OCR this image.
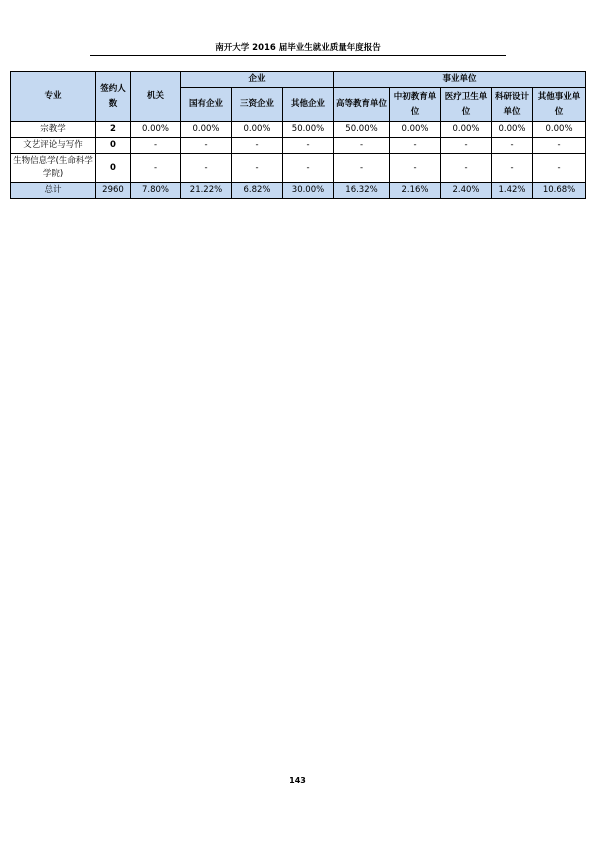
南开大学 2016 届毕业生就业质量年度报告
专业	签约人数	机关	企业			事业单位				
			国有企业	三资企业	其他企业	高等教育单位	中初教育单位	医疗卫生单位	科研设计单位	其他事业单位
宗教学	2	0.00%	0.00%	0.00%	50.00%	50.00%	0.00%	0.00%	0.00%	0.00%
文艺评论与写作	0	-	-	-	-	-	-	-	-	-
生物信息学(生命科学学院)	0	-	-	-	-	-	-	-	-	-
总计	2960	7.80%	21.22%	6.82%	30.00%	16.32%	2.16%	2.40%	1.42%	10.68%
143
